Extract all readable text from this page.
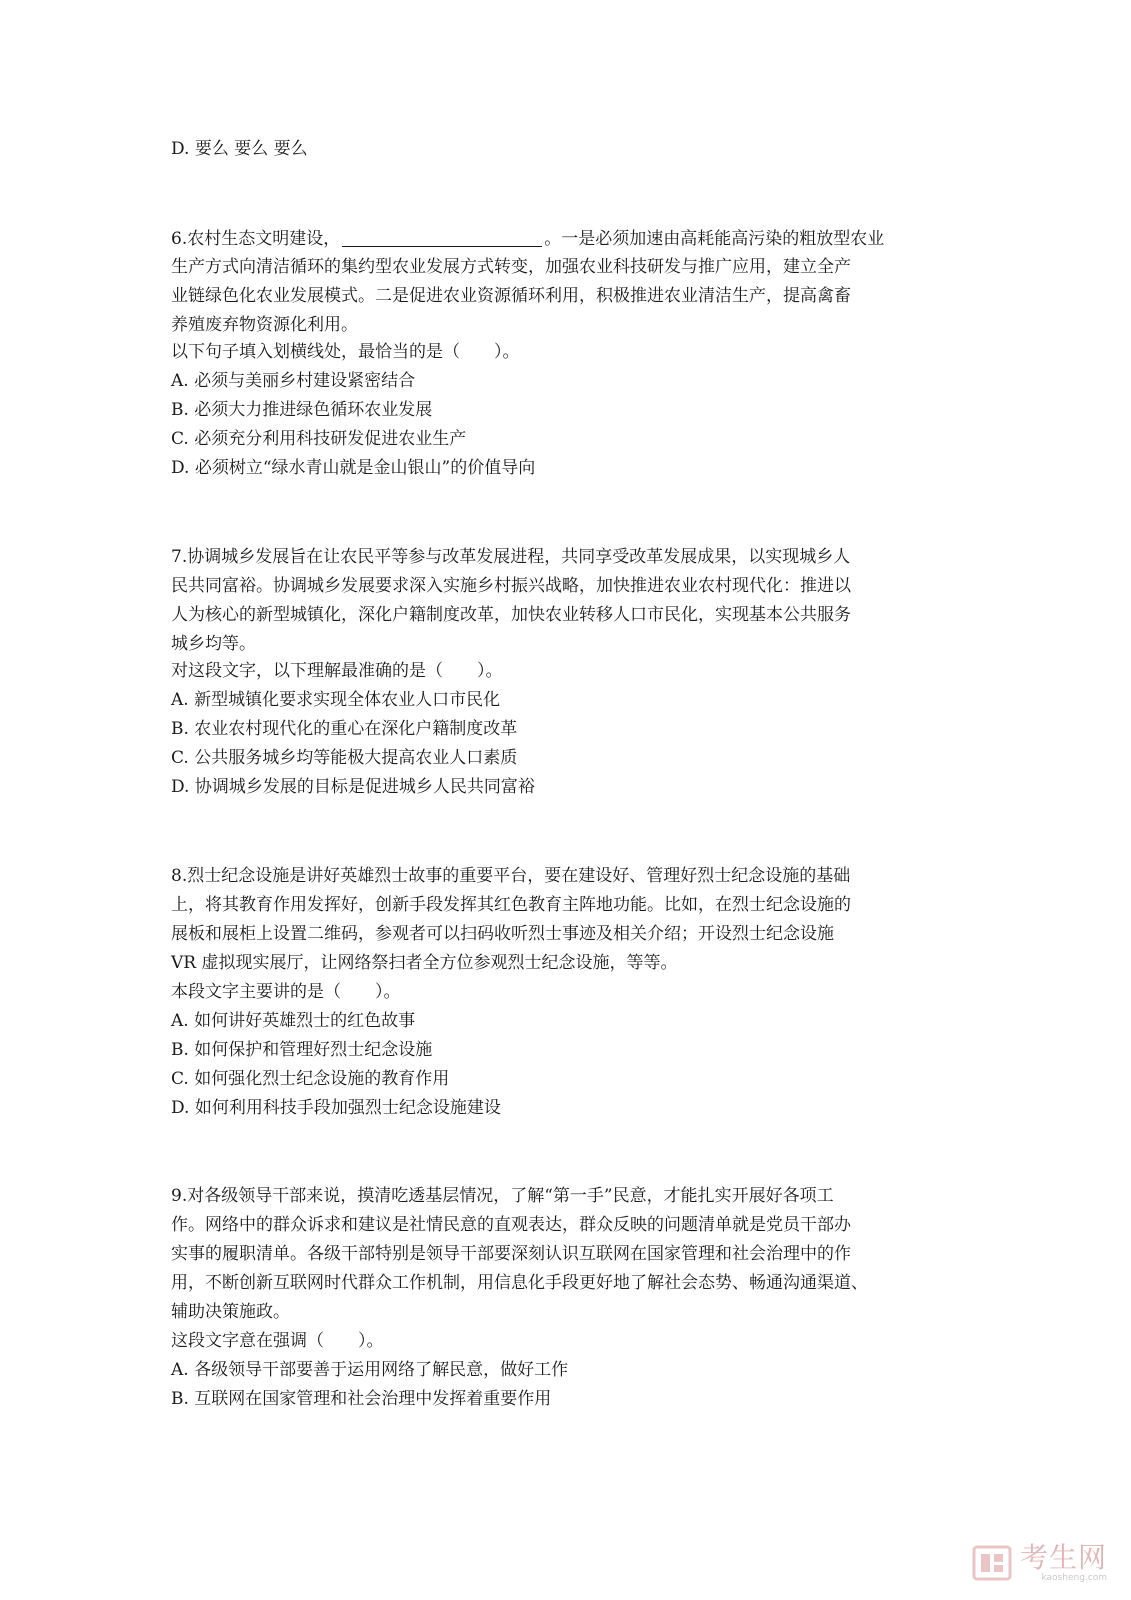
D. 要么 要么 要么
6.农村生态文明建设，	。一是必须加速由高耗能高污染的粗放型农业
生产方式向清洁循环的集约型农业发展方式转变，加强农业科技研发与推广应用，建立全产
业链绿色化农业发展模式。二是促进农业资源循环利用，积极推进农业清洁生产，提高禽畜
养殖废弃物资源化利用。
以下句子填入划横线处，最恰当的是（　　）。
A. 必须与美丽乡村建设紧密结合
B. 必须大力推进绿色循环农业发展
C. 必须充分利用科技研发促进农业生产
D. 必须树立“绿水青山就是金山银山”的价值导向
7.协调城乡发展旨在让农民平等参与改革发展进程，共同享受改革发展成果，以实现城乡人
民共同富裕。协调城乡发展要求深入实施乡村振兴战略，加快推进农业农村现代化：推进以
人为核心的新型城镇化，深化户籍制度改革，加快农业转移人口市民化，实现基本公共服务
城乡均等。
对这段文字，以下理解最准确的是（　　）。
A. 新型城镇化要求实现全体农业人口市民化
B. 农业农村现代化的重心在深化户籍制度改革
C. 公共服务城乡均等能极大提高农业人口素质
D. 协调城乡发展的目标是促进城乡人民共同富裕
8.烈士纪念设施是讲好英雄烈士故事的重要平台，要在建设好、管理好烈士纪念设施的基础
上，将其教育作用发挥好，创新手段发挥其红色教育主阵地功能。比如，在烈士纪念设施的
展板和展柜上设置二维码，参观者可以扫码收听烈士事迹及相关介绍；开设烈士纪念设施
VR 虚拟现实展厅，让网络祭扫者全方位参观烈士纪念设施，等等。
本段文字主要讲的是（　　）。
A. 如何讲好英雄烈士的红色故事
B. 如何保护和管理好烈士纪念设施
C. 如何强化烈士纪念设施的教育作用
D. 如何利用科技手段加强烈士纪念设施建设
9.对各级领导干部来说，摸清吃透基层情况，了解“第一手”民意，才能扎实开展好各项工
作。网络中的群众诉求和建议是社情民意的直观表达，群众反映的问题清单就是党员干部办
实事的履职清单。各级干部特别是领导干部要深刻认识互联网在国家管理和社会治理中的作
用，不断创新互联网时代群众工作机制，用信息化手段更好地了解社会态势、畅通沟通渠道、
辅助决策施政。
这段文字意在强调（　　）。
A. 各级领导干部要善于运用网络了解民意，做好工作
B. 互联网在国家管理和社会治理中发挥着重要作用
考生网
kaosheng.com
